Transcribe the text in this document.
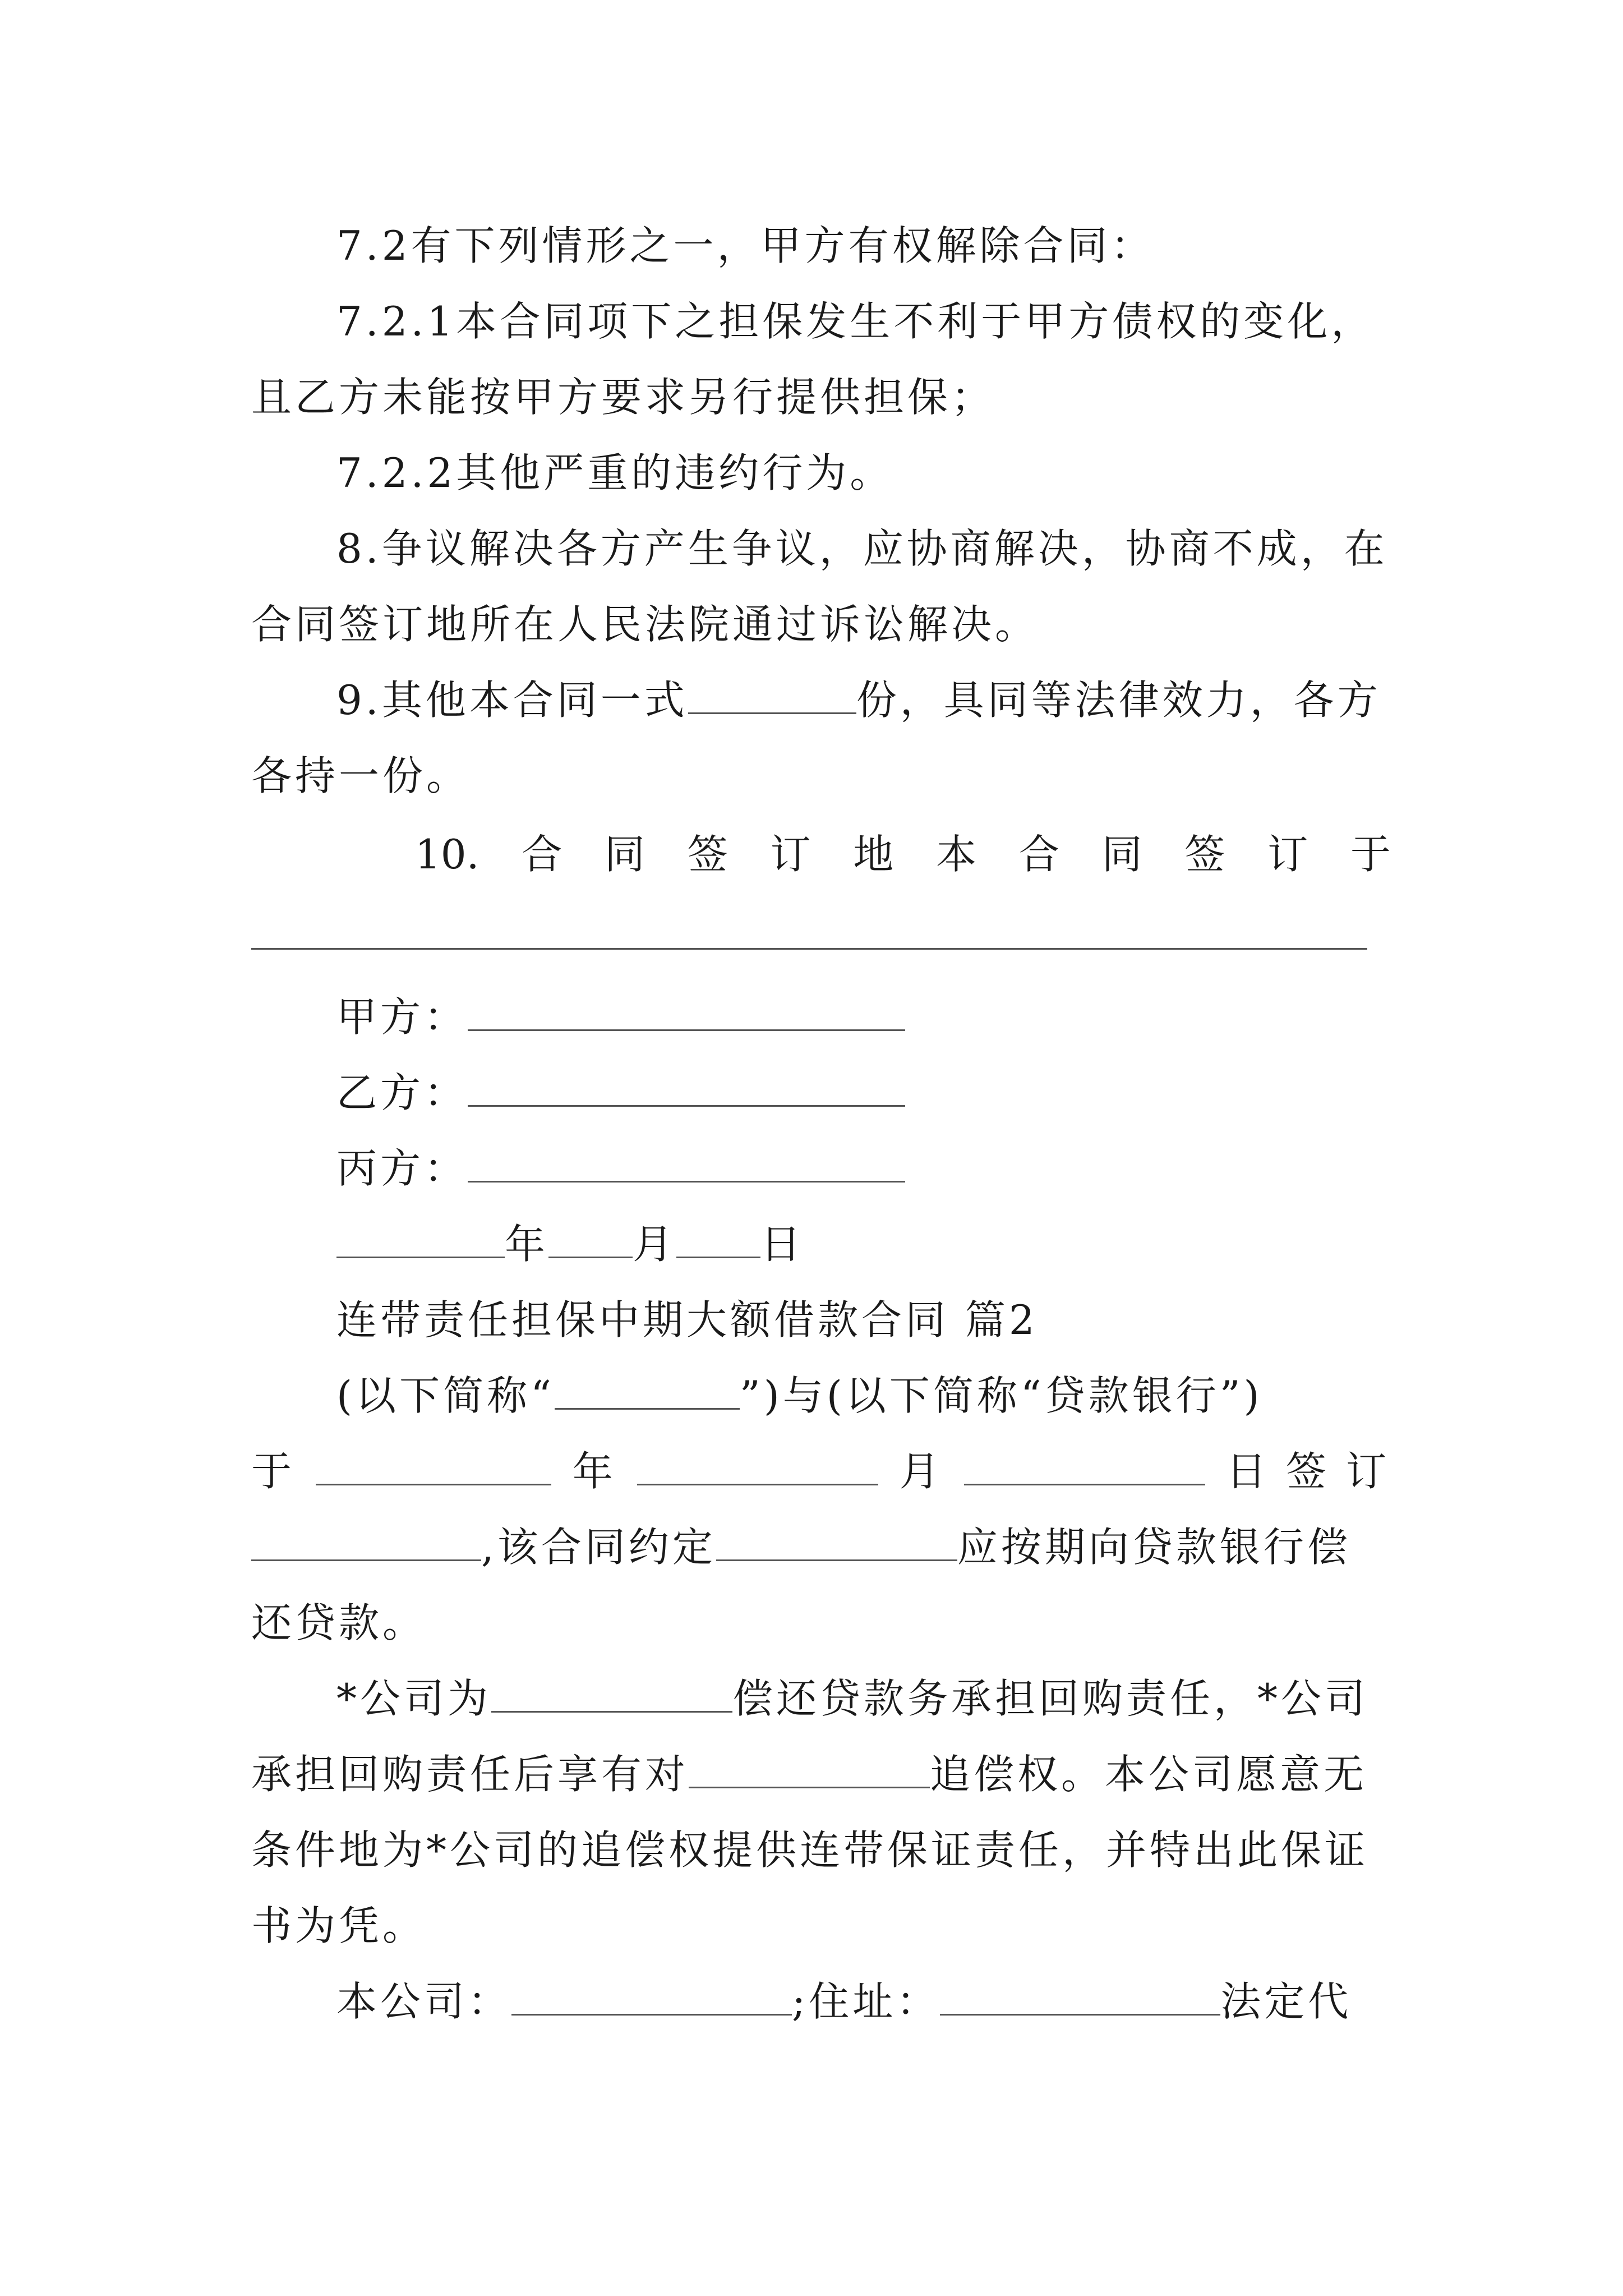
7.2有下列情形之一，甲方有权解除合同：
7.2.1本合同项下之担保发生不利于甲方债权的变化，
且乙方未能按甲方要求另行提供担保；
7.2.2其他严重的违约行为。
8.争议解决各方产生争议，应协商解决，协商不成，在
合同签订地所在人民法院通过诉讼解决。
9.其他本合同一式	份，具同等法律效力，各方
各持一份。
10. 合 同 签 订 地 本 合 同 签 订 于
甲方：
乙方：
丙方：
年 月 日
连带责任担保中期大额借款合同 篇2
(以下简称“	”)与(以下简称“贷款银行”)
于	年	月	日 签 订
,该合同约定	应按期向贷款银行偿
还贷款。
*公司为	偿还贷款务承担回购责任，*公司
承担回购责任后享有对	追偿权。本公司愿意无
条件地为*公司的追偿权提供连带保证责任，并特出此保证
书为凭。
本公司：	;住址：	法定代
